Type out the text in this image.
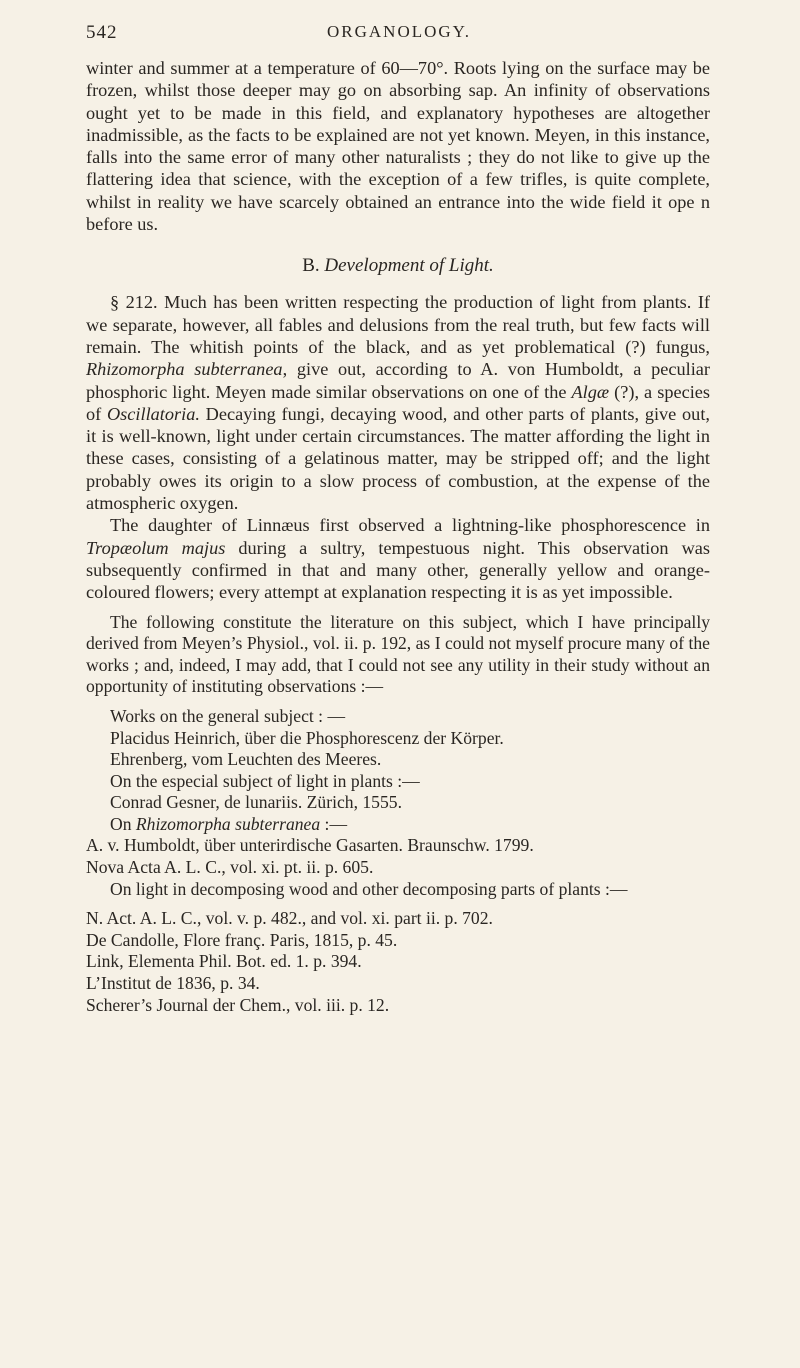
542	ORGANOLOGY.

winter and summer at a temperature of 60—70°. Roots lying on the surface may be frozen, whilst those deeper may go on absorbing sap. An infinity of observations ought yet to be made in this field, and explanatory hypotheses are altogether inadmissible, as the facts to be explained are not yet known. Meyen, in this instance, falls into the same error of many other naturalists ; they do not like to give up the flattering idea that science, with the exception of a few trifles, is quite complete, whilst in reality we have scarcely obtained an entrance into the wide field it ope n before us.

B. Development of Light.

§ 212. Much has been written respecting the production of light from plants. If we separate, however, all fables and delusions from the real truth, but few facts will remain. The whitish points of the black, and as yet problematical (?) fungus, Rhizomorpha subterranea, give out, according to A. von Humboldt, a peculiar phosphoric light. Meyen made similar observations on one of the Algæ (?), a species of Oscillatoria. Decaying fungi, decaying wood, and other parts of plants, give out, it is well-known, light under certain circumstances. The matter affording the light in these cases, consisting of a gelatinous matter, may be stripped off; and the light probably owes its origin to a slow process of combustion, at the expense of the atmospheric oxygen.

The daughter of Linnæus first observed a lightning-like phosphorescence in Tropæolum majus during a sultry, tempestuous night. This observation was subsequently confirmed in that and many other, generally yellow and orange-coloured flowers; every attempt at explanation respecting it is as yet impossible.

The following constitute the literature on this subject, which I have principally derived from Meyen’s Physiol., vol. ii. p. 192, as I could not myself procure many of the works ; and, indeed, I may add, that I could not see any utility in their study without an opportunity of instituting observations :—

Works on the general subject : —

Placidus Heinrich, über die Phosphorescenz der Körper.

Ehrenberg, vom Leuchten des Meeres.

On the especial subject of light in plants :—

Conrad Gesner, de lunariis. Zürich, 1555.

On Rhizomorpha subterranea :—

A. v. Humboldt, über unterirdische Gasarten. Braunschw. 1799.

Nova Acta A. L. C., vol. xi. pt. ii. p. 605.

On light in decomposing wood and other decomposing parts of plants :—

N. Act. A. L. C., vol. v. p. 482., and vol. xi. part ii. p. 702.

De Candolle, Flore franç. Paris, 1815, p. 45.

Link, Elementa Phil. Bot. ed. 1. p. 394.

L’Institut de 1836, p. 34.

Scherer’s Journal der Chem., vol. iii. p. 12.
